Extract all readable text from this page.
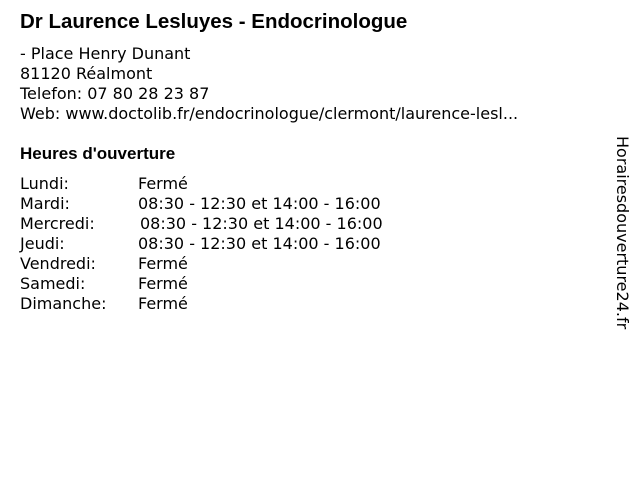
Dr Laurence Lesluyes - Endocrinologue
- Place Henry Dunant
81120 Réalmont
Telefon: 07 80 28 23 87
Web: www.doctolib.fr/endocrinologue/clermont/laurence-lesl...
Heures d'ouverture
Lundi:	Fermé
Mardi:	08:30 - 12:30 et 14:00 - 16:00
Mercredi:	08:30 - 12:30 et 14:00 - 16:00
Jeudi:	08:30 - 12:30 et 14:00 - 16:00
Vendredi:	Fermé
Samedi:	Fermé
Dimanche: Fermé	Horairesdouverture24.fr
